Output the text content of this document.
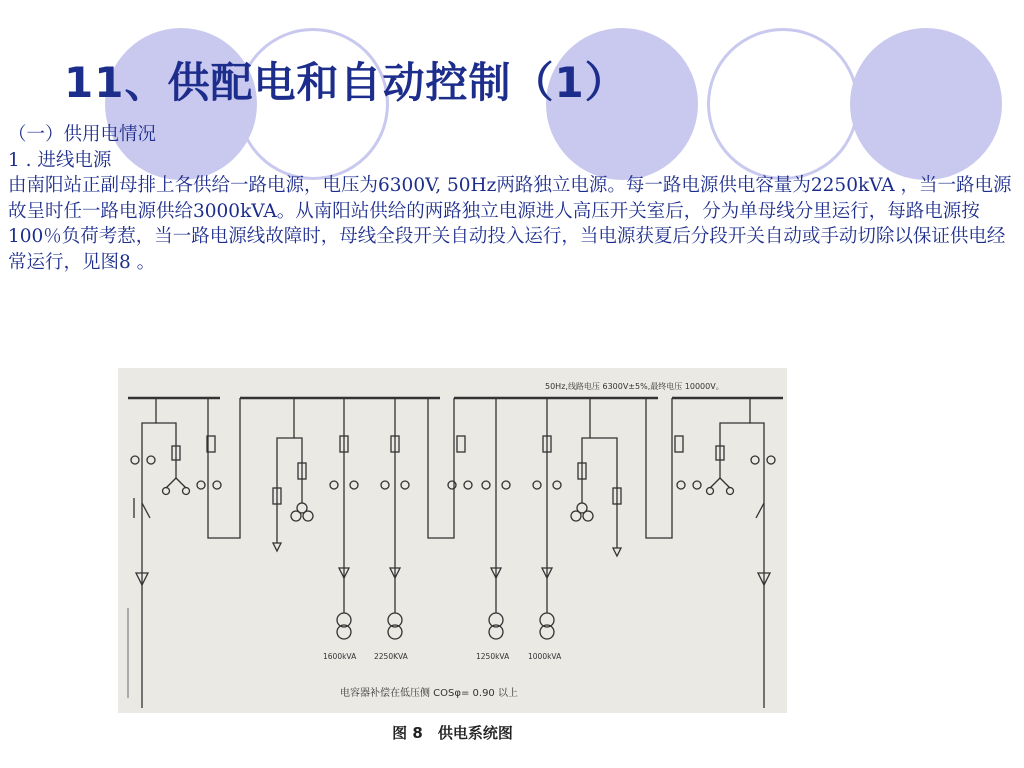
11、供配电和自动控制（1）

（一）供用电情况

1 . 进线电源

由南阳站正副母排上各供给一路电源，电压为6300V, 50Hz两路独立电源。每一路电源供电容量为2250kVA ，当一路电源故呈时任一路电源供给3000kVA。从南阳站供给的两路独立电源进人高压开关室后，分为单母线分里运行，每路电源按100％负荷考惹，当一路电源线故障时，母线全段开关自动投入运行，当电源获夏后分段开关自动或手动切除以保证供电经常运行，见图8 。

50Hz,线路电压 6300V±5%,最终电压 10000V。
1600kVA 2250KVA	1250kVA	1000kVA
电容器补偿在低压侧 COSφ= 0.90 以上
图 8　供电系统图
